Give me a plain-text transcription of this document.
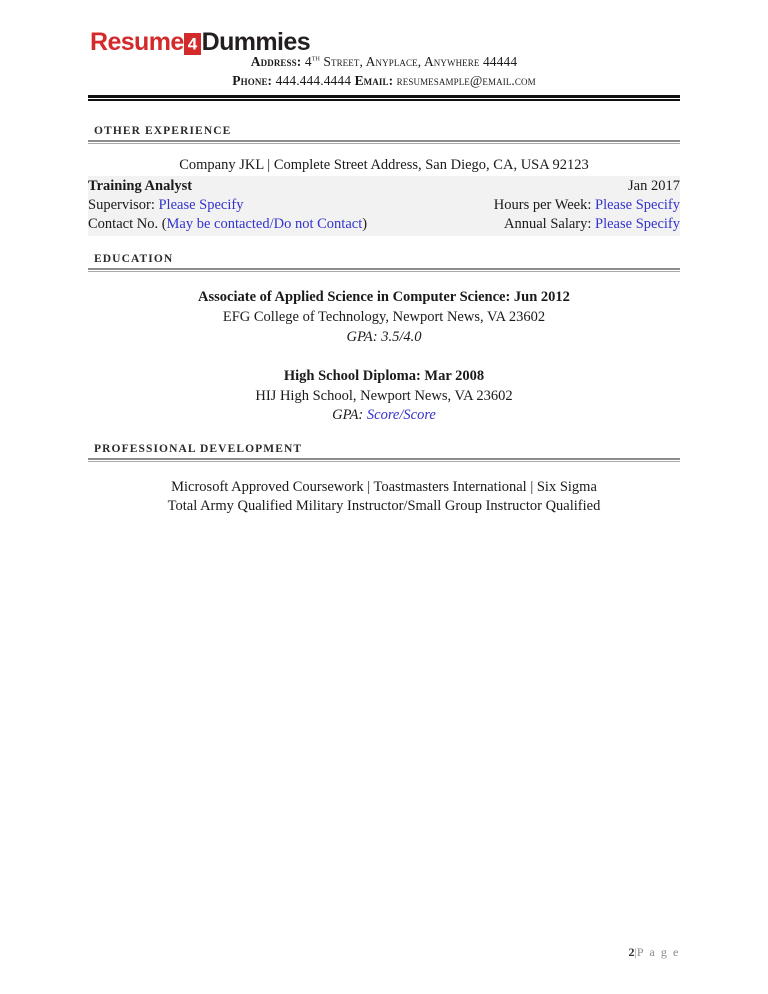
Resume 4 Dummies
Address: 4th Street, Anyplace, Anywhere 44444
Phone: 444.444.4444 Email: resumesample@email.com
OTHER EXPERIENCE
Company JKL | Complete Street Address, San Diego, CA, USA 92123
Training Analyst	Jan 2017
Supervisor: Please Specify	Hours per Week: Please Specify
Contact No. (May be contacted/Do not Contact)	Annual Salary: Please Specify
EDUCATION
Associate of Applied Science in Computer Science: Jun 2012
EFG College of Technology, Newport News, VA 23602
GPA: 3.5/4.0
High School Diploma: Mar 2008
HIJ High School, Newport News, VA 23602
GPA: Score/Score
PROFESSIONAL DEVELOPMENT
Microsoft Approved Coursework | Toastmasters International | Six Sigma
Total Army Qualified Military Instructor/Small Group Instructor Qualified
2|P a g e
